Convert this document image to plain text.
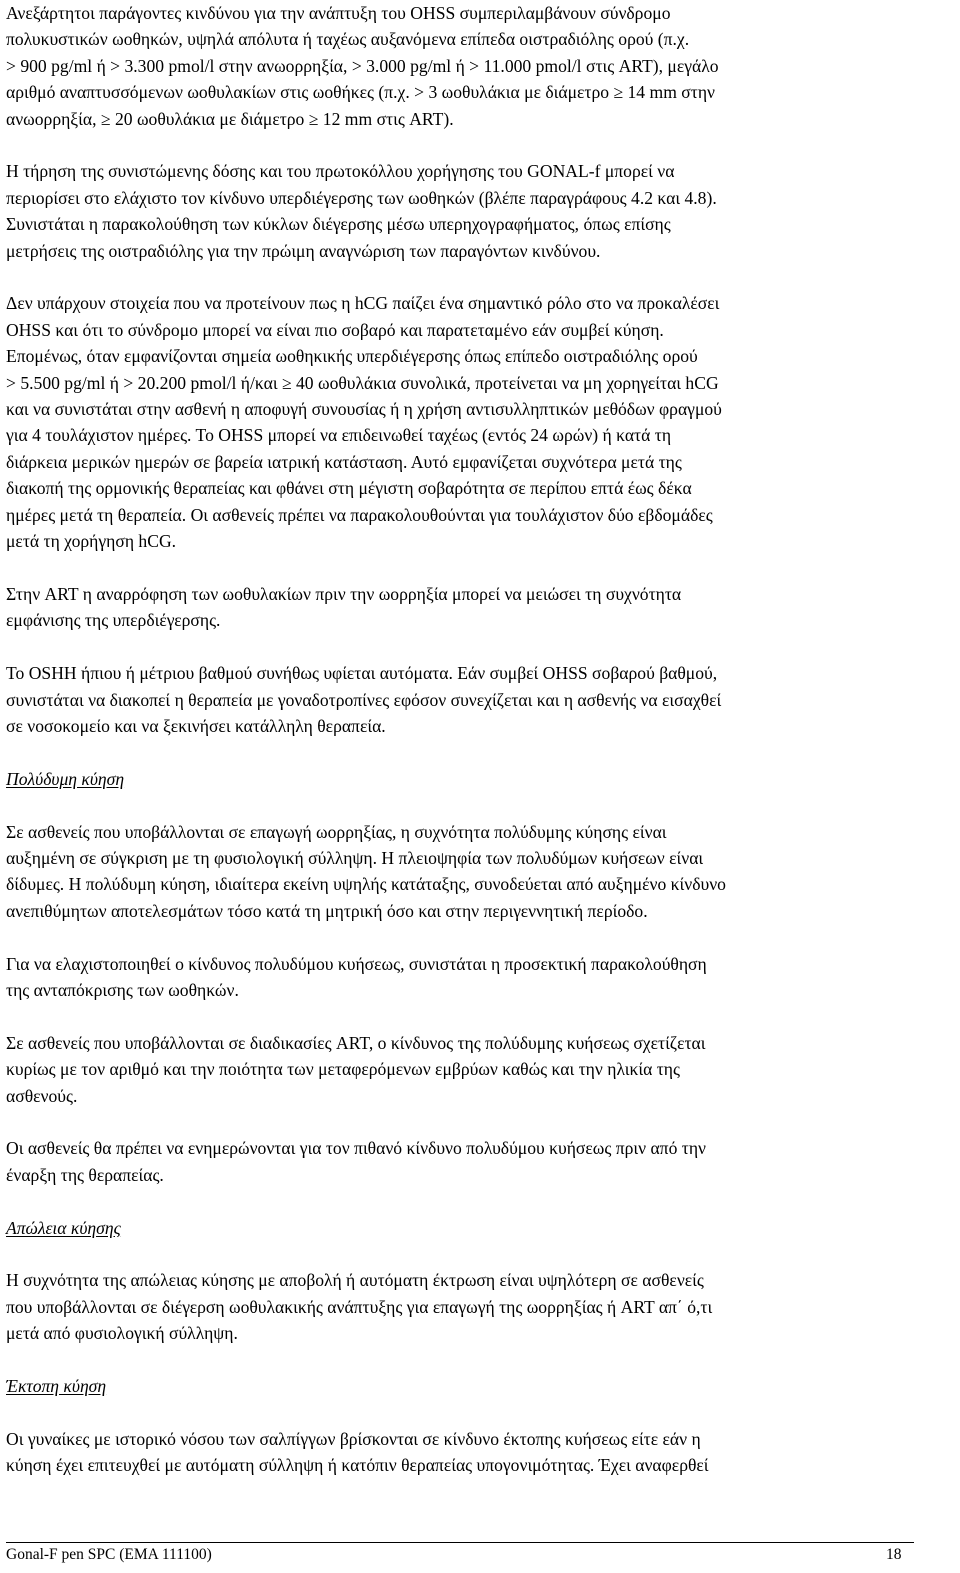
Ανεξάρτητοι παράγοντες κινδύνου για την ανάπτυξη του OHSS συμπεριλαμβάνουν σύνδρομο
πολυκυστικών ωοθηκών, υψηλά απόλυτα ή ταχέως αυξανόμενα επίπεδα οιστραδιόλης ορού (π.χ.
> 900 pg/ml ή > 3.300 pmol/l στην ανωορρηξία, > 3.000 pg/ml ή > 11.000 pmol/l στις ART), μεγάλο
αριθμό αναπτυσσόμενων ωοθυλακίων στις ωοθήκες (π.χ. > 3 ωοθυλάκια με διάμετρο ≥ 14 mm στην
ανωορρηξία, ≥ 20 ωοθυλάκια με διάμετρο ≥ 12 mm στις ART).

Η τήρηση της συνιστώμενης δόσης και του πρωτοκόλλου χορήγησης του GONAL-f μπορεί να
περιορίσει στο ελάχιστο τον κίνδυνο υπερδιέγερσης των ωοθηκών (βλέπε παραγράφους 4.2 και 4.8).
Συνιστάται η παρακολούθηση των κύκλων διέγερσης μέσω υπερηχογραφήματος, όπως επίσης
μετρήσεις της οιστραδιόλης για την πρώιμη αναγνώριση των παραγόντων κινδύνου.

Δεν υπάρχουν στοιχεία που να προτείνουν πως η hCG παίζει ένα σημαντικό ρόλο στο να προκαλέσει
OHSS και ότι το σύνδρομο μπορεί να είναι πιο σοβαρό και παρατεταμένο εάν συμβεί κύηση.
Επομένως, όταν εμφανίζονται σημεία ωοθηκικής υπερδιέγερσης όπως επίπεδο οιστραδιόλης ορού
> 5.500 pg/ml ή > 20.200 pmol/l ή/και ≥ 40 ωοθυλάκια συνολικά, προτείνεται να μη χορηγείται hCG
και να συνιστάται στην ασθενή η αποφυγή συνουσίας ή η χρήση αντισυλληπτικών μεθόδων φραγμού
για 4 τουλάχιστον ημέρες. Το OHSS μπορεί να επιδεινωθεί ταχέως (εντός 24 ωρών) ή κατά τη
διάρκεια μερικών ημερών σε βαρεία ιατρική κατάσταση. Αυτό εμφανίζεται συχνότερα μετά της
διακοπή της ορμονικής θεραπείας και φθάνει στη μέγιστη σοβαρότητα σε περίπου επτά έως δέκα
ημέρες μετά τη θεραπεία. Οι ασθενείς πρέπει να παρακολουθούνται για τουλάχιστον δύο εβδομάδες
μετά τη χορήγηση hCG.

Στην ART η αναρρόφηση των ωοθυλακίων πριν την ωορρηξία μπορεί να μειώσει τη συχνότητα
εμφάνισης της υπερδιέγερσης.

Το OSHH ήπιου ή μέτριου βαθμού συνήθως υφίεται αυτόματα. Εάν συμβεί OHSS σοβαρού βαθμού,
συνιστάται να διακοπεί η θεραπεία με γοναδοτροπίνες εφόσον συνεχίζεται και η ασθενής να εισαχθεί
σε νοσοκομείο και να ξεκινήσει κατάλληλη θεραπεία.

Πολύδυμη κύηση

Σε ασθενείς που υποβάλλονται σε επαγωγή ωορρηξίας, η συχνότητα πολύδυμης κύησης είναι
αυξημένη σε σύγκριση με τη φυσιολογική σύλληψη. Η πλειοψηφία των πολυδύμων κυήσεων είναι
δίδυμες. Η πολύδυμη κύηση, ιδιαίτερα εκείνη υψηλής κατάταξης, συνοδεύεται από αυξημένο κίνδυνο
ανεπιθύμητων αποτελεσμάτων τόσο κατά τη μητρική όσο και στην περιγεννητική περίοδο.

Για να ελαχιστοποιηθεί ο κίνδυνος πολυδύμου κυήσεως, συνιστάται η προσεκτική παρακολούθηση
της ανταπόκρισης των ωοθηκών.

Σε ασθενείς που υποβάλλονται σε διαδικασίες ART, ο κίνδυνος της πολύδυμης κυήσεως σχετίζεται
κυρίως με τον αριθμό και την ποιότητα των μεταφερόμενων εμβρύων καθώς και την ηλικία της
ασθενούς.

Οι ασθενείς θα πρέπει να ενημερώνονται για τον πιθανό κίνδυνο πολυδύμου κυήσεως πριν από την
έναρξη της θεραπείας.

Απώλεια κύησης

Η συχνότητα της απώλειας κύησης με αποβολή ή αυτόματη έκτρωση είναι υψηλότερη σε ασθενείς
που υποβάλλονται σε διέγερση ωοθυλακικής ανάπτυξης για επαγωγή της ωορρηξίας ή ART απ΄ ό,τι
μετά από φυσιολογική σύλληψη.

Έκτοπη κύηση

Οι γυναίκες με ιστορικό νόσου των σαλπίγγων βρίσκονται σε κίνδυνο έκτοπης κυήσεως είτε εάν η
κύηση έχει επιτευχθεί με αυτόματη σύλληψη ή κατόπιν θεραπείας υπογονιμότητας. Έχει αναφερθεί

Gonal-F pen SPC (EMA 111100)	18
